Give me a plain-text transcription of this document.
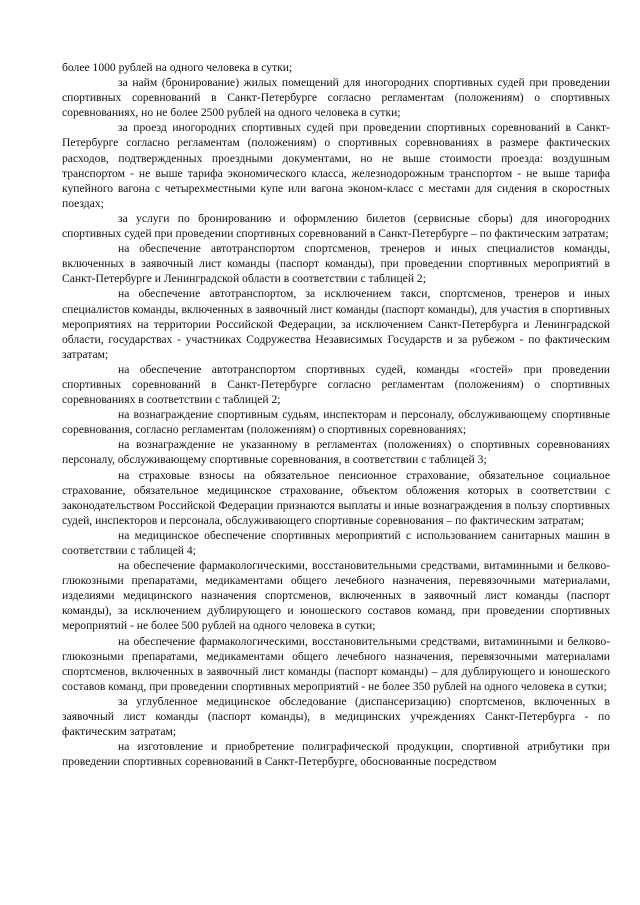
более 1000 рублей на одного человека в сутки;

за найм (бронирование) жилых помещений для иногородних спортивных судей при проведении спортивных соревнований в Санкт-Петербурге согласно регламентам (положениям) о спортивных соревнованиях, но не более 2500 рублей на одного человека в сутки;

за проезд иногородних спортивных судей при проведении спортивных соревнований в Санкт-Петербурге согласно регламентам (положениям) о спортивных соревнованиях в размере фактических расходов, подтвержденных проездными документами, но не выше стоимости проезда: воздушным транспортом - не выше тарифа экономического класса, железнодорожным транспортом - не выше тарифа купейного вагона с четырехместными купе или вагона эконом-класс с местами для сидения в скоростных поездах;

за услуги по бронированию и оформлению билетов (сервисные сборы) для иногородних спортивных судей при проведении спортивных соревнований в Санкт-Петербурге – по фактическим затратам;

на обеспечение автотранспортом спортсменов, тренеров и иных специалистов команды, включенных в заявочный лист команды (паспорт команды), при проведении спортивных мероприятий в Санкт-Петербурге и Ленинградской области в соответствии с таблицей 2;

на обеспечение автотранспортом, за исключением такси, спортсменов, тренеров и иных специалистов команды, включенных в заявочный лист команды (паспорт команды), для участия в спортивных мероприятиях на территории Российской Федерации, за исключением Санкт-Петербурга и Ленинградской области, государствах - участниках Содружества Независимых Государств и за рубежом - по фактическим затратам;

на обеспечение автотранспортом спортивных судей, команды «гостей» при проведении спортивных соревнований в Санкт-Петербурге согласно регламентам (положениям) о спортивных соревнованиях в соответствии с таблицей 2;

на вознаграждение спортивным судьям, инспекторам и персоналу, обслуживающему спортивные соревнования, согласно регламентам (положениям) о спортивных соревнованиях;

на вознаграждение не указанному в регламентах (положениях) о спортивных соревнованиях персоналу, обслуживающему спортивные соревнования, в соответствии с таблицей 3;

на страховые взносы на обязательное пенсионное страхование, обязательное социальное страхование, обязательное медицинское страхование, объектом обложения которых в соответствии с законодательством Российской Федерации признаются выплаты и иные вознаграждения в пользу спортивных судей, инспекторов и персонала, обслуживающего спортивные соревнования – по фактическим затратам;

на медицинское обеспечение спортивных мероприятий с использованием санитарных машин в соответствии с таблицей 4;

на обеспечение фармакологическими, восстановительными средствами, витаминными и белково-глюкозными препаратами, медикаментами общего лечебного назначения, перевязочными материалами, изделиями медицинского назначения спортсменов, включенных в заявочный лист команды (паспорт команды), за исключением дублирующего и юношеского составов команд, при проведении спортивных мероприятий - не более 500 рублей на одного человека в сутки;

на обеспечение фармакологическими, восстановительными средствами, витаминными и белково-глюкозными препаратами, медикаментами общего лечебного назначения, перевязочными материалами спортсменов, включенных в заявочный лист команды (паспорт команды) – для дублирующего и юношеского составов команд, при проведении спортивных мероприятий - не более 350 рублей на одного человека в сутки;

за углубленное медицинское обследование (диспансеризацию) спортсменов, включенных в заявочный лист команды (паспорт команды), в медицинских учреждениях Санкт-Петербурга - по фактическим затратам;

на изготовление и приобретение полиграфической продукции, спортивной атрибутики при проведении спортивных соревнований в Санкт-Петербурге, обоснованные посредством
